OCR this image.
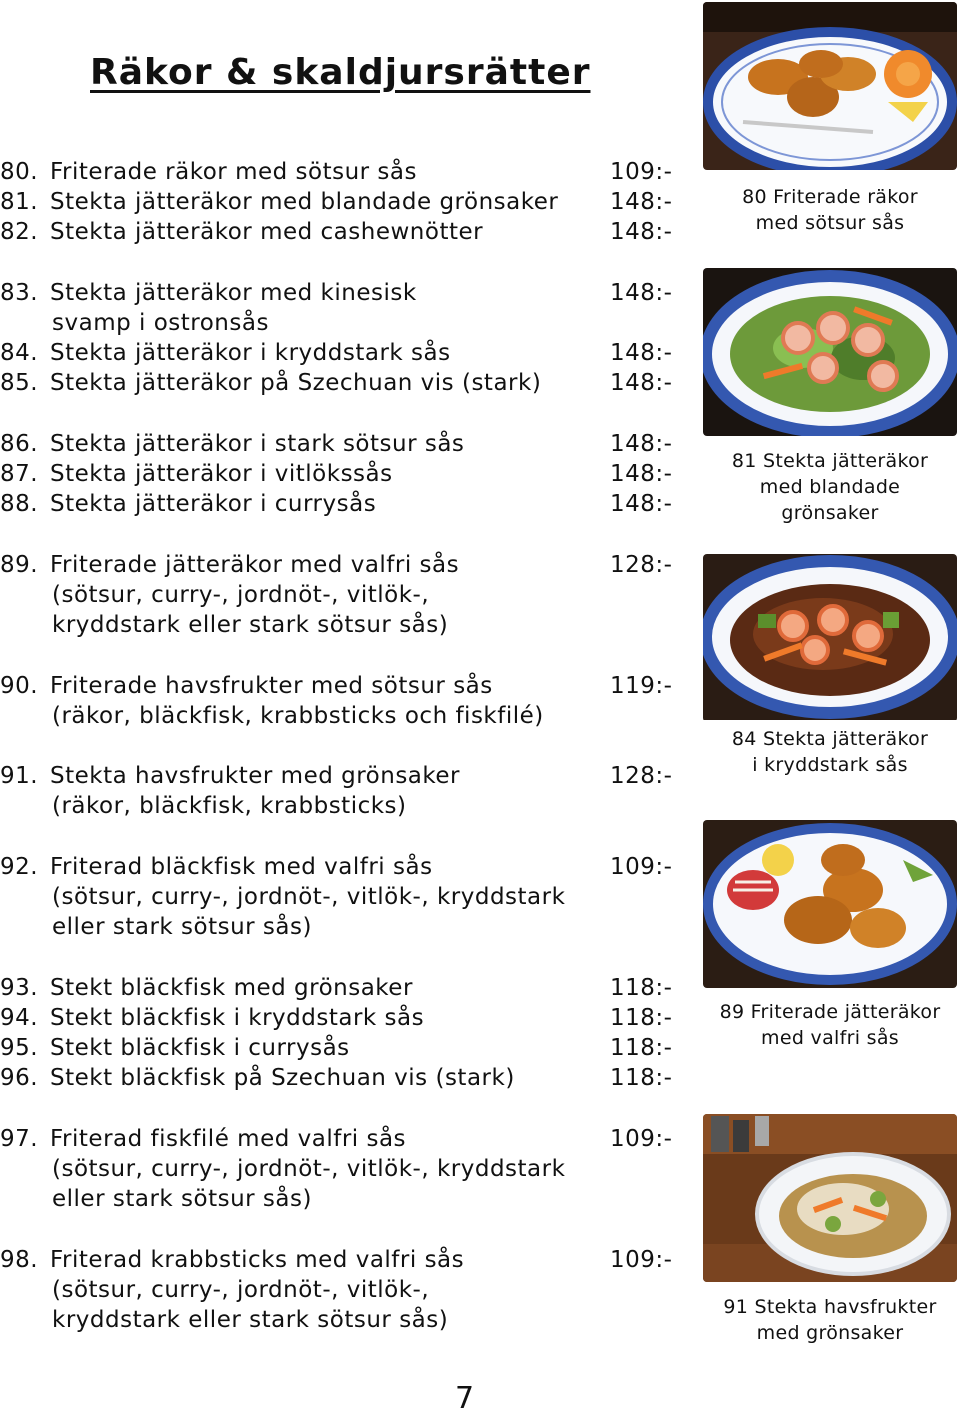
Räkor & skaldjursrätter
80. Friterade räkor med sötsur sås	109:-
81. Stekta jätteräkor med blandade grönsaker 148:-
82. Stekta jätteräkor med cashewnötter	148:-
83. Stekta jätteräkor med kinesisk	148:-
svamp i ostronsås
84. Stekta jätteräkor i kryddstark sås	148:-
85. Stekta jätteräkor på Szechuan vis (stark)	148:-
86. Stekta jätteräkor i stark sötsur sås	148:-
87. Stekta jätteräkor i vitlökssås	148:-
88. Stekta jätteräkor i currysås	148:-
89. Friterade jätteräkor med valfri sås	128:-
(sötsur, curry-, jordnöt-, vitlök-,
kryddstark eller stark sötsur sås)
90. Friterade havsfrukter med sötsur sås	119:-
(räkor, bläckfisk, krabbsticks och fiskfilé)
91. Stekta havsfrukter med grönsaker	128:-
(räkor, bläckfisk, krabbsticks)
92. Friterad bläckfisk med valfri sås	109:-
(sötsur, curry-, jordnöt-, vitlök-, kryddstark
eller stark sötsur sås)
93. Stekt bläckfisk med grönsaker	118:-
94. Stekt bläckfisk i kryddstark sås	118:-
95. Stekt bläckfisk i currysås	118:-
96. Stekt bläckfisk på Szechuan vis (stark)	118:-
97. Friterad fiskfilé med valfri sås	109:-
(sötsur, curry-, jordnöt-, vitlök-, kryddstark
eller stark sötsur sås)
98. Friterad krabbsticks med valfri sås	109:-
(sötsur, curry-, jordnöt-, vitlök-,
kryddstark eller stark sötsur sås)
80 Friterade räkor
med sötsur sås
81 Stekta jätteräkor
med blandade
grönsaker
84 Stekta jätteräkor
i kryddstark sås
89 Friterade jätteräkor
med valfri sås
91 Stekta havsfrukter
med grönsaker
7
